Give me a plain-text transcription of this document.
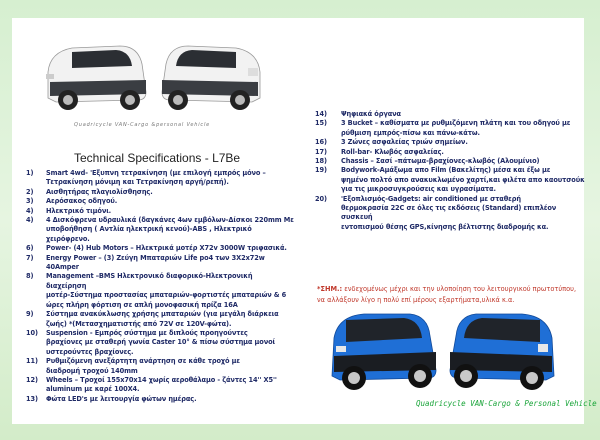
Quadricycle VAN-Cargo &personal Vehicle
Technical Specifications - L7Be
1)	Smart 4wd- 'Εξυπνη τετρακίνηση (με επιλογή εμπρός μόνο –
Τετρακίνηση μόνιμη και Τετρακίνηση αργή/ρεπή).
2)	Αισθητήρας πλαγιολίσθησης.
3)	Αερόσακος οδηγού.
4)	Ηλεκτρικό τιμόνι.
4)	4 Δισκόφρενα υδραυλικά (δαγκάνες 4ων εμβόλων-Δίσκοι 220mm Με
υποβοήθηση ( Αντλία ηλεκτρική κενού)-ABS , Ηλεκτρικό χειρόφρενο.
6)	Power- (4) Hub Motors – Ηλεκτρικά μοτέρ X72v 3000W τριφασικά.
7)	Energy Power – (3) Ζεύγη Μπαταριών Life po4 των 3X2x72w 40Amper
8)	Management –BMS Ηλεκτρονικό διαφορικό-Ηλεκτρονική διαχείρηση
μοτέρ-Σύστημα προστασίας μπαταριών-φορτιστές μπαταριών & 6
ώρες πλήρη φόρτιση σε απλή μονοφασική πρίζα 16A
9)	Σύστημα ανακύκλωσης χρήσης μπαταριών (για μεγάλη διάρκεια
ζωής) *(Μετασχηματιστής από 72V σε 120V-φώτα).
10)	Suspension - Εμπρός σύστημα με διπλούς προηγούντες
βραχίονες με σταθερή γωνία Caster 10° & πίσω σύστημα μονοί
υστερούντες βραχίονες.
11)	Ρυθμιζόμενη ανεξάρτητη ανάρτηση σε κάθε τροχό με
διαδρομή τροχού 140mm
12)	Wheels – Τροχοί 155x70x14 χωρίς αεροθάλαμο - ζάντες 14'' X5''
aluminum με καρέ 100X4.
13)	Φώτα LED's με λειτουργία φώτων ημέρας.
14)	Ψηφιακά όργανα
15)	3 Bucket – καθίσματα με ρυθμιζόμενη πλάτη και του οδηγού με
ρύθμιση εμπρός-πίσω και πάνω-κάτω.
16)	3 Ζώνες ασφαλείας τριών σημείων.
17)	Roll-bar- Κλωβός ασφαλείας.
18)	Chassis – Σασί –πάτωμα-βραχίονες-κλωβός (Αλουμίνιο)
19)	Bodywork-Αμάξωμα απο Film (Βακελίτης) μέσα και έξω με
ψημένο πολτό απο ανακυκλωμένο χαρτί,και φιλέτα απο καουτσούκ
για τις μικροσυγκρούσεις και υγρασίματα.
20)	'Εξοπλισμός-Gadgets: air conditioned με σταθερή
θερμοκρασία 22C σε όλες τις εκδόσεις (Standard) επιπλέον συσκευή
εντοπισμού θέσης GPS,κίνησης βέλτιστης διαδρομής κα.
*ΣΗΜ.: ενδεχομένως μέχρι και την υλοποίηση του λειτουργικού πρωτοτύπου,
να αλλάξουν λίγο η πολύ επί μέρους εξαρτήματα,υλικά κ.α.
Quadricycle VAN-Cargo & Personal Vehicle
